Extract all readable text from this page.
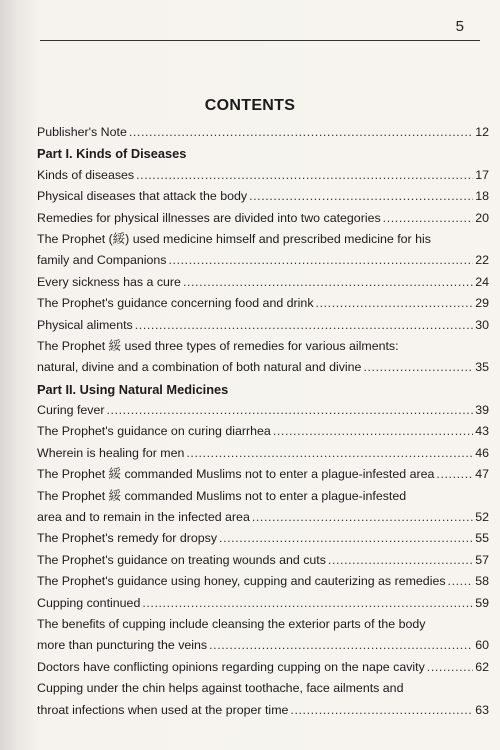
5
CONTENTS
Publisher's Note .....	12
Part I. Kinds of Diseases
Kinds of diseases .....	17
Physical diseases that attack the body .....	18
Remedies for physical illnesses are divided into two categories .....	20
The Prophet (綏) used medicine himself and prescribed medicine for his
family and Companions .....	22
Every sickness has a cure .....	24
The Prophet's guidance concerning food and drink .....	29
Physical aliments .....	30
The Prophet 綏 used three types of remedies for various ailments:
natural, divine and a combination of both natural and divine .....	35
Part II. Using Natural Medicines
Curing fever .....	39
The Prophet's guidance on curing diarrhea .....	43
Wherein is healing for men .....	46
The Prophet 綏 commanded Muslims not to enter a plague-infested area .....	47
The Prophet 綏 commanded Muslims not to enter a plague-infested
area and to remain in the infected area .....	52
The Prophet's remedy for dropsy .....	55
The Prophet's guidance on treating wounds and cuts .....	57
The Prophet's guidance using honey, cupping and cauterizing as remedies ..... 58
Cupping continued .....	59
The benefits of cupping include cleansing the exterior parts of the body
more than puncturing the veins .....	60
Doctors have conflicting opinions regarding cupping on the nape cavity .....	62
Cupping under the chin helps against toothache, face ailments and
throat infections when used at the proper time .....	63
